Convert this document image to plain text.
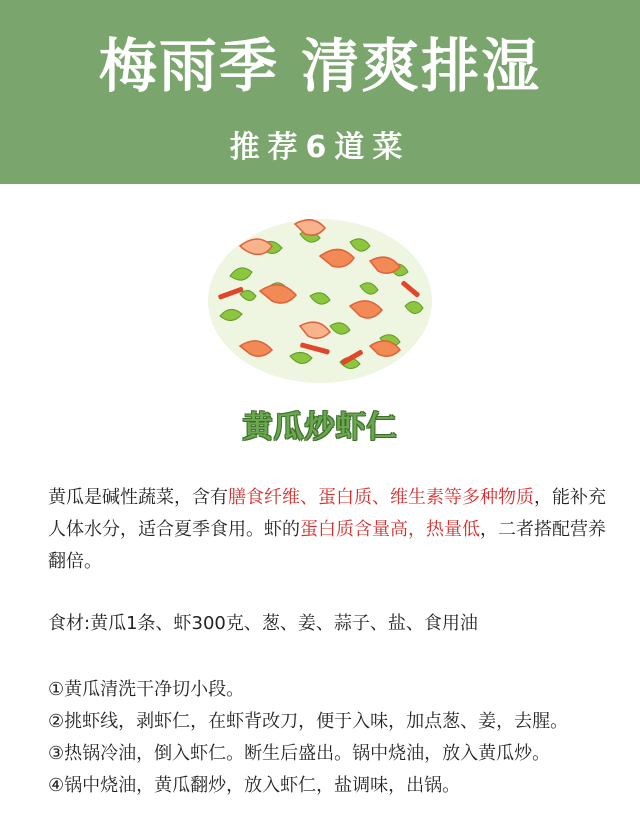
梅雨季 清爽排湿
推荐6道菜
黄瓜炒虾仁
黄瓜是碱性蔬菜，含有膳食纤维、蛋白质、维生素等多种物质，能补充人体水分，适合夏季食用。虾的蛋白质含量高，热量低，二者搭配营养翻倍。
食材:黄瓜1条、虾300克、葱、姜、蒜子、盐、食用油
①黄瓜清洗干净切小段。
②挑虾线，剥虾仁，在虾背改刀，便于入味，加点葱、姜，去腥。
③热锅冷油，倒入虾仁。断生后盛出。锅中烧油，放入黄瓜炒。
④锅中烧油，黄瓜翻炒，放入虾仁，盐调味，出锅。
